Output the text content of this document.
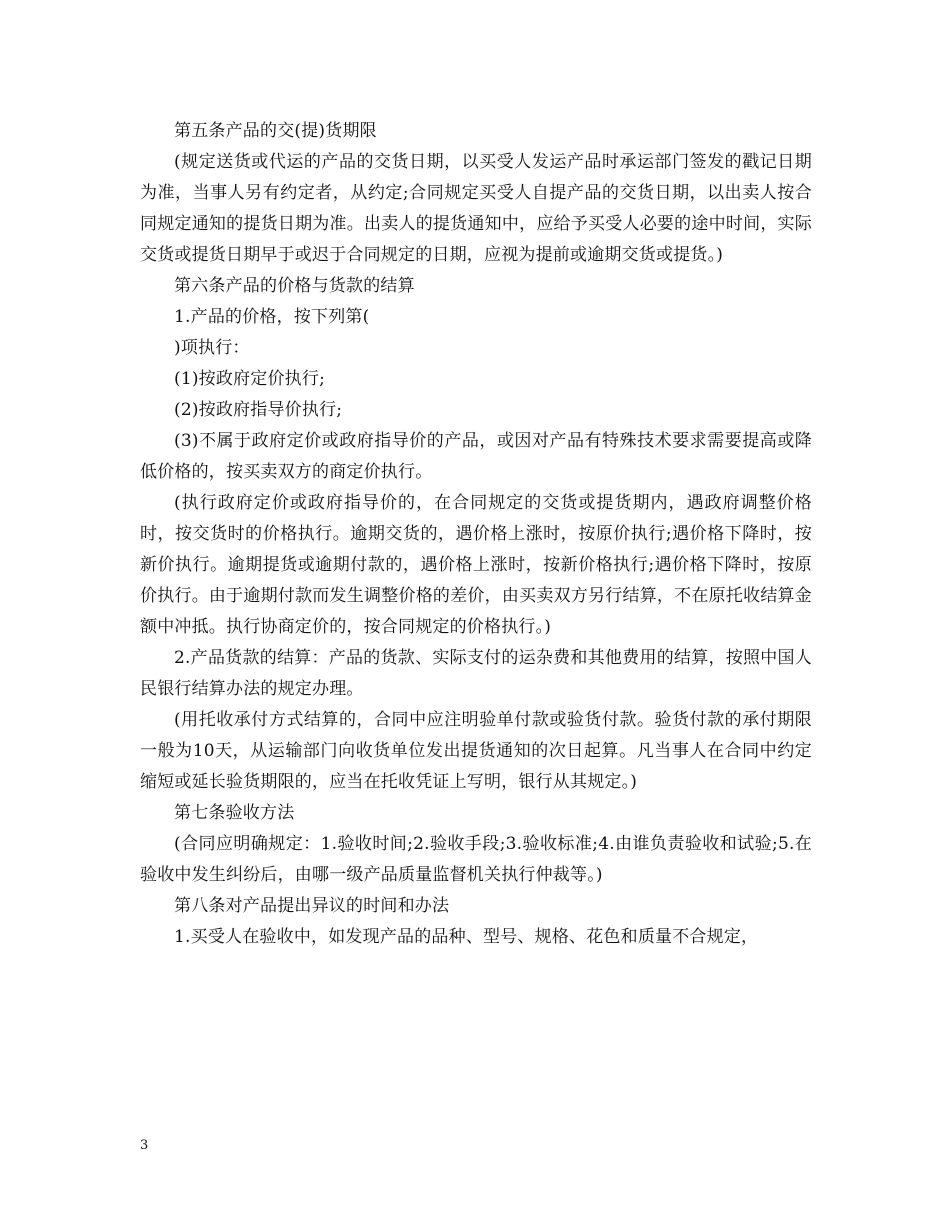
第五条产品的交(提)货期限

(规定送货或代运的产品的交货日期，以买受人发运产品时承运部门签发的戳记日期为准，当事人另有约定者，从约定;合同规定买受人自提产品的交货日期，以出卖人按合同规定通知的提货日期为准。出卖人的提货通知中，应给予买受人必要的途中时间，实际交货或提货日期早于或迟于合同规定的日期，应视为提前或逾期交货或提货。)

第六条产品的价格与货款的结算

1.产品的价格，按下列第(

)项执行：

(1)按政府定价执行;

(2)按政府指导价执行;

(3)不属于政府定价或政府指导价的产品，或因对产品有特殊技术要求需要提高或降低价格的，按买卖双方的商定价执行。

(执行政府定价或政府指导价的，在合同规定的交货或提货期内，遇政府调整价格时，按交货时的价格执行。逾期交货的，遇价格上涨时，按原价执行;遇价格下降时，按新价执行。逾期提货或逾期付款的，遇价格上涨时，按新价格执行;遇价格下降时，按原价执行。由于逾期付款而发生调整价格的差价，由买卖双方另行结算，不在原托收结算金额中冲抵。执行协商定价的，按合同规定的价格执行。)

2.产品货款的结算：产品的货款、实际支付的运杂费和其他费用的结算，按照中国人民银行结算办法的规定办理。

(用托收承付方式结算的，合同中应注明验单付款或验货付款。验货付款的承付期限一般为10天，从运输部门向收货单位发出提货通知的次日起算。凡当事人在合同中约定缩短或延长验货期限的，应当在托收凭证上写明，银行从其规定。)

第七条验收方法

(合同应明确规定：1.验收时间;2.验收手段;3.验收标准;4.由谁负责验收和试验;5.在验收中发生纠纷后，由哪一级产品质量监督机关执行仲裁等。)

第八条对产品提出异议的时间和办法

1.买受人在验收中，如发现产品的品种、型号、规格、花色和质量不合规定，

3
